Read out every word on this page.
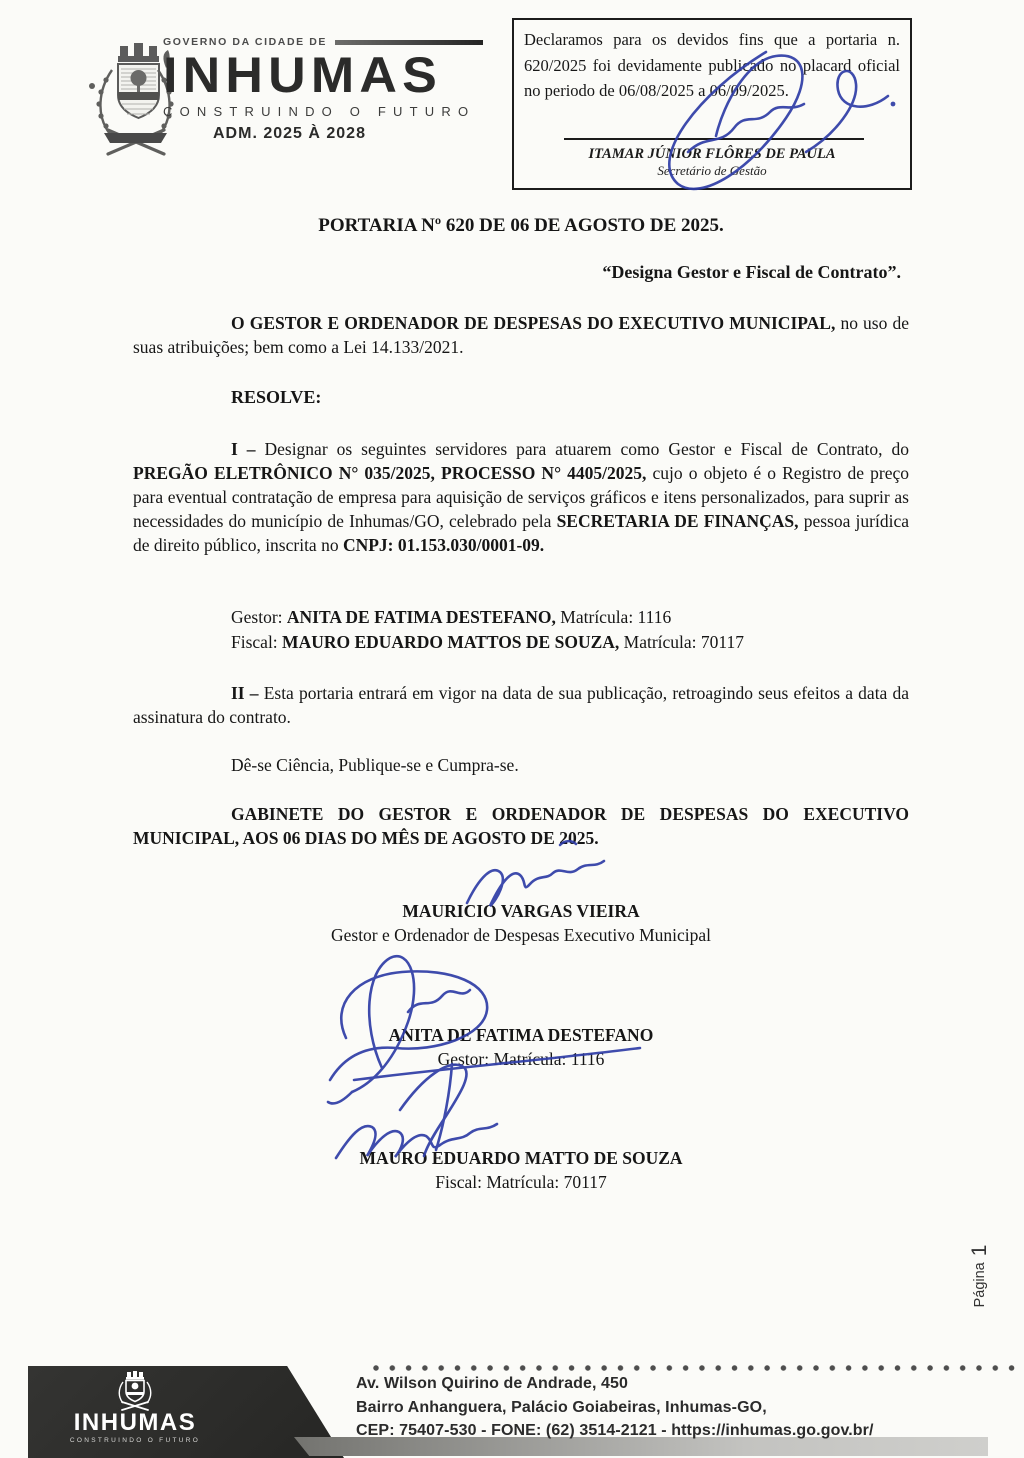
GOVERNO DA CIDADE DE
INHUMAS
CONSTRUINDO O FUTURO
ADM. 2025 À 2028

Declaramos para os devidos fins que a portaria n. 620/2025 foi devidamente publicado no placard oficial no periodo de 06/08/2025 a 06/09/2025.

ITAMAR JÚNIOR FLÔRES DE PAULA
Secretário de Gestão
PORTARIA Nº 620 DE 06 DE AGOSTO DE 2025.
“Designa Gestor e Fiscal de Contrato”.

O GESTOR E ORDENADOR DE DESPESAS DO EXECUTIVO MUNICIPAL, no uso de suas atribuições; bem como a Lei 14.133/2021.

RESOLVE:

I – Designar os seguintes servidores para atuarem como Gestor e Fiscal de Contrato, do PREGÃO ELETRÔNICO N° 035/2025, PROCESSO N° 4405/2025, cujo o objeto é o Registro de preço para eventual contratação de empresa para aquisição de serviços gráficos e itens personalizados, para suprir as necessidades do município de Inhumas/GO, celebrado pela SECRETARIA DE FINANÇAS, pessoa jurídica de direito público, inscrita no CNPJ: 01.153.030/0001-09.

Gestor: ANITA DE FATIMA DESTEFANO, Matrícula: 1116
Fiscal: MAURO EDUARDO MATTOS DE SOUZA, Matrícula: 70117

II – Esta portaria entrará em vigor na data de sua publicação, retroagindo seus efeitos a data da assinatura do contrato.

Dê-se Ciência, Publique-se e Cumpra-se.

GABINETE DO GESTOR E ORDENADOR DE DESPESAS DO EXECUTIVO MUNICIPAL, AOS 06 DIAS DO MÊS DE AGOSTO DE 2025.

MAURICIO VARGAS VIEIRA
Gestor e Ordenador de Despesas Executivo Municipal
ANITA DE FATIMA DESTEFANO
Gestor: Matrícula: 1116
MAURO EDUARDO MATTO DE SOUZA
Fiscal: Matrícula: 70117
Página
1
INHUMAS
CONSTRUINDO O FUTURO
Av. Wilson Quirino de Andrade, 450
Bairro Anhanguera, Palácio Goiabeiras, Inhumas-GO,
CEP: 75407-530 - FONE: (62) 3514-2121 - https://inhumas.go.gov.br/
